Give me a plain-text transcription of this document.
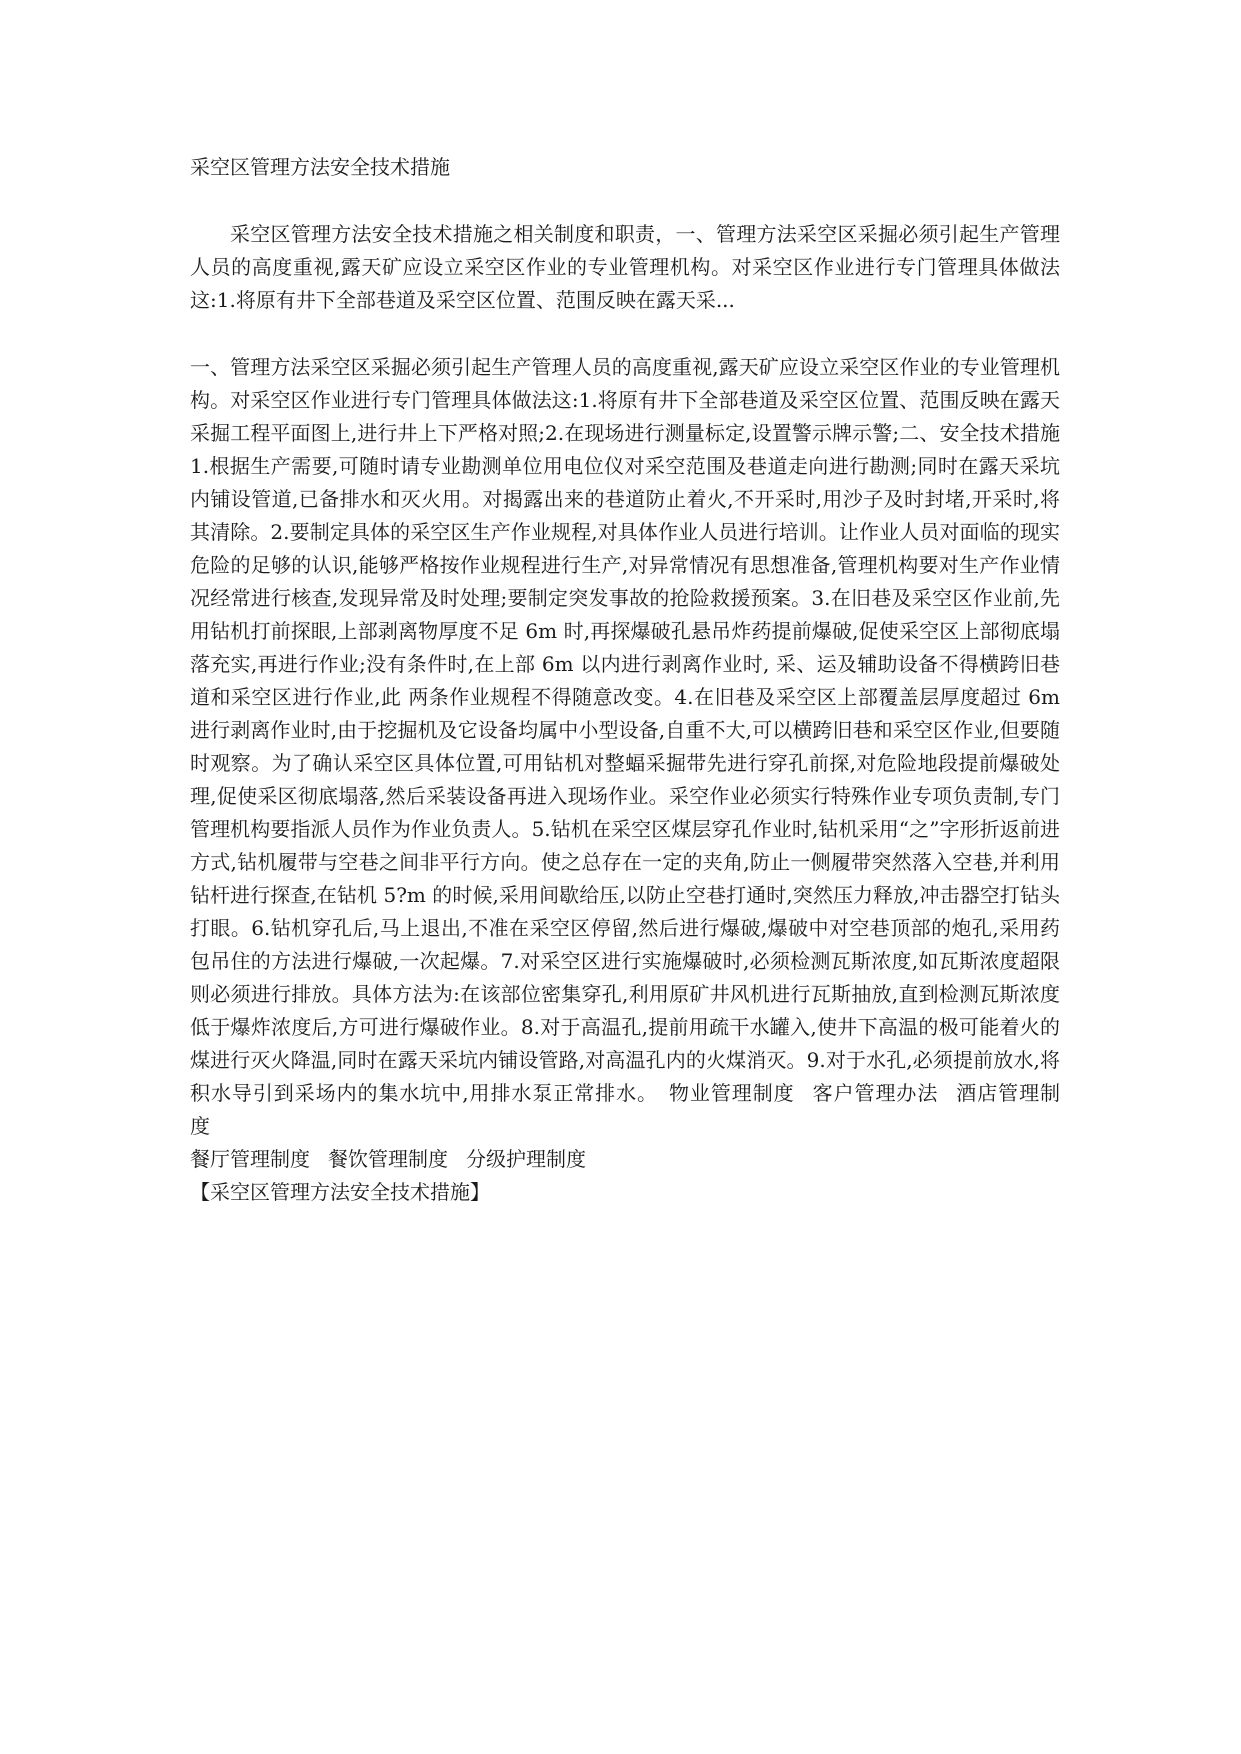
采空区管理方法安全技术措施

采空区管理方法安全技术措施之相关制度和职责，一、管理方法采空区采掘必须引起生产管理人员的高度重视,露天矿应设立采空区作业的专业管理机构。对采空区作业进行专门管理具体做法这:1.将原有井下全部巷道及采空区位置、范围反映在露天采...

一、管理方法采空区采掘必须引起生产管理人员的高度重视,露天矿应设立采空区作业的专业管理机构。对采空区作业进行专门管理具体做法这:1.将原有井下全部巷道及采空区位置、范围反映在露天采掘工程平面图上,进行井上下严格对照;2.在现场进行测量标定,设置警示牌示警;二、安全技术措施 1.根据生产需要,可随时请专业勘测单位用电位仪对采空范围及巷道走向进行勘测;同时在露天采坑内铺设管道,已备排水和灭火用。对揭露出来的巷道防止着火,不开采时,用沙子及时封堵,开采时,将其清除。2.要制定具体的采空区生产作业规程,对具体作业人员进行培训。让作业人员对面临的现实危险的足够的认识,能够严格按作业规程进行生产,对异常情况有思想准备,管理机构要对生产作业情况经常进行核查,发现异常及时处理;要制定突发事故的抢险救援预案。3.在旧巷及采空区作业前,先用钻机打前探眼,上部剥离物厚度不足 6m 时,再探爆破孔悬吊炸药提前爆破,促使采空区上部彻底塌落充实,再进行作业;没有条件时,在上部 6m 以内进行剥离作业时, 采、运及辅助设备不得横跨旧巷道和采空区进行作业,此 两条作业规程不得随意改变。4.在旧巷及采空区上部覆盖层厚度超过 6m 进行剥离作业时,由于挖掘机及它设备均属中小型设备,自重不大,可以横跨旧巷和采空区作业,但要随时观察。为了确认采空区具体位置,可用钻机对整蝠采掘带先进行穿孔前探,对危险地段提前爆破处理,促使采区彻底塌落,然后采装设备再进入现场作业。采空作业必须实行特殊作业专项负责制,专门管理机构要指派人员作为作业负责人。5.钻机在采空区煤层穿孔作业时,钻机采用“之”字形折返前进方式,钻机履带与空巷之间非平行方向。使之总存在一定的夹角,防止一侧履带突然落入空巷,并利用钻杆进行探查,在钻机 5?m 的时候,采用间歇给压,以防止空巷打通时,突然压力释放,冲击器空打钻头打眼。6.钻机穿孔后,马上退出,不准在采空区停留,然后进行爆破,爆破中对空巷顶部的炮孔,采用药包吊住的方法进行爆破,一次起爆。7.对采空区进行实施爆破时,必须检测瓦斯浓度,如瓦斯浓度超限则必须进行排放。具体方法为:在该部位密集穿孔,利用原矿井风机进行瓦斯抽放,直到检测瓦斯浓度低于爆炸浓度后,方可进行爆破作业。8.对于高温孔,提前用疏干水罐入,使井下高温的极可能着火的煤进行灭火降温,同时在露天采坑内铺设管路,对高温孔内的火煤消灭。9.对于水孔,必须提前放水,将积水导引到采场内的集水坑中,用排水泵正常排水。　 物业管理制度 客户管理办法 酒店管理制度

餐厅管理制度 餐饮管理制度 分级护理制度

【采空区管理方法安全技术措施】
